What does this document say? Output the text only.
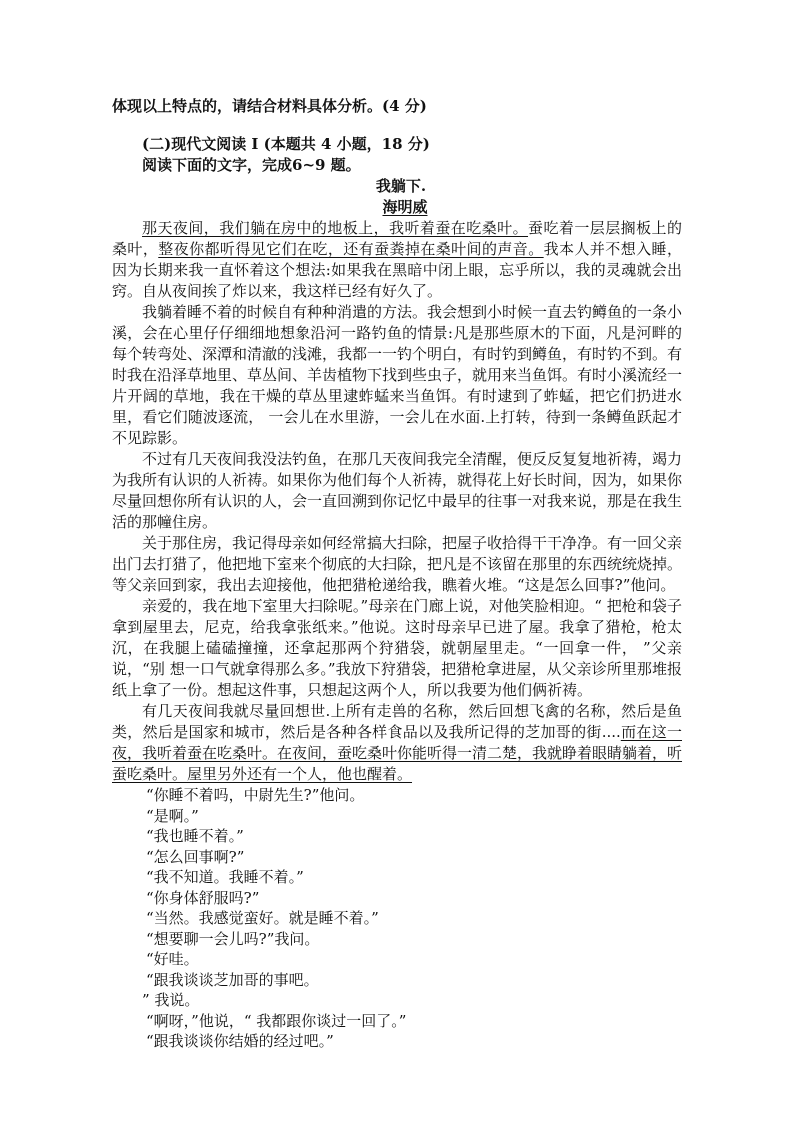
体现以上特点的，请结合材料具体分析。(4 分)

(二)现代文阅读 I (本题共 4 小题，18 分)

阅读下面的文字，完成6~9 题。

我躺下.

海明威

那天夜间，我们躺在房中的地板上，我听着蚕在吃桑叶。蚕吃着一层层搁板上的桑叶，整夜你都听得见它们在吃，还有蚕粪掉在桑叶间的声音。我本人并不想入睡，因为长期来我一直怀着这个想法:如果我在黑暗中闭上眼，忘乎所以，我的灵魂就会出窍。自从夜间挨了炸以来，我这样已经有好久了。

我躺着睡不着的时候自有种种消遣的方法。我会想到小时候一直去钓鳟鱼的一条小溪，会在心里仔仔细细地想象沿河一路钓鱼的情景:凡是那些原木的下面，凡是河畔的每个转弯处、深潭和清澈的浅滩，我都一一钓个明白，有时钓到鳟鱼，有时钓不到。有时我在沿泽草地里、草丛间、羊齿植物下找到些虫子，就用来当鱼饵。有时小溪流经一片开阔的草地，我在干燥的草丛里逮蚱蜢来当鱼饵。有时逮到了蚱蜢，把它们扔进水里，看它们随波逐流， 一会儿在水里游，一会儿在水面.上打转，待到一条鳟鱼跃起才不见踪影。

不过有几天夜间我没法钓鱼，在那几天夜间我完全清醒，便反反复复地祈祷，竭力为我所有认识的人祈祷。如果你为他们每个人祈祷，就得花上好长时间，因为，如果你尽量回想你所有认识的人，会一直回溯到你记忆中最早的往事一对我来说，那是在我生活的那幢住房。

关于那住房，我记得母亲如何经常搞大扫除，把屋子收拾得干干净净。有一回父亲出门去打猎了，他把地下室来个彻底的大扫除，把凡是不该留在那里的东西统统烧掉。等父亲回到家，我出去迎接他，他把猎枪递给我，瞧着火堆。“这是怎么回事?”他问。

亲爱的，我在地下室里大扫除呢。”母亲在门廊上说，对他笑脸相迎。“ 把枪和袋子拿到屋里去，尼克，给我拿张纸来。”他说。这时母亲早已进了屋。我拿了猎枪，枪太沉，在我腿上磕磕撞撞，还拿起那两个狩猎袋，就朝屋里走。“一回拿一件， ”父亲说，“别 想一口气就拿得那么多。”我放下狩猎袋，把猎枪拿进屋，从父亲诊所里那堆报纸上拿了一份。想起这件事，只想起这两个人，所以我要为他们俩祈祷。

有几天夜间我就尽量回想世.上所有走兽的名称，然后回想飞禽的名称，然后是鱼类，然后是国家和城市，然后是各种各样食品以及我所记得的芝加哥的街....而在这一夜，我听着蚕在吃桑叶。在夜间，蚕吃桑叶你能听得一清二楚，我就睁着眼睛躺着，听蚕吃桑叶。屋里另外还有一个人，他也醒着。

“你睡不着吗，中尉先生?”他问。

“是啊。”

“我也睡不着。”

“怎么回事啊?”

“我不知道。我睡不着。”

“你身体舒服吗?”

“当然。我感觉蛮好。就是睡不着。”

“想要聊一会儿吗?”我问。

“好哇。

“跟我谈谈芝加哥的事吧。

” 我说。

“啊呀，”他说，“ 我都跟你谈过一回了。”

“跟我谈谈你结婚的经过吧。”
